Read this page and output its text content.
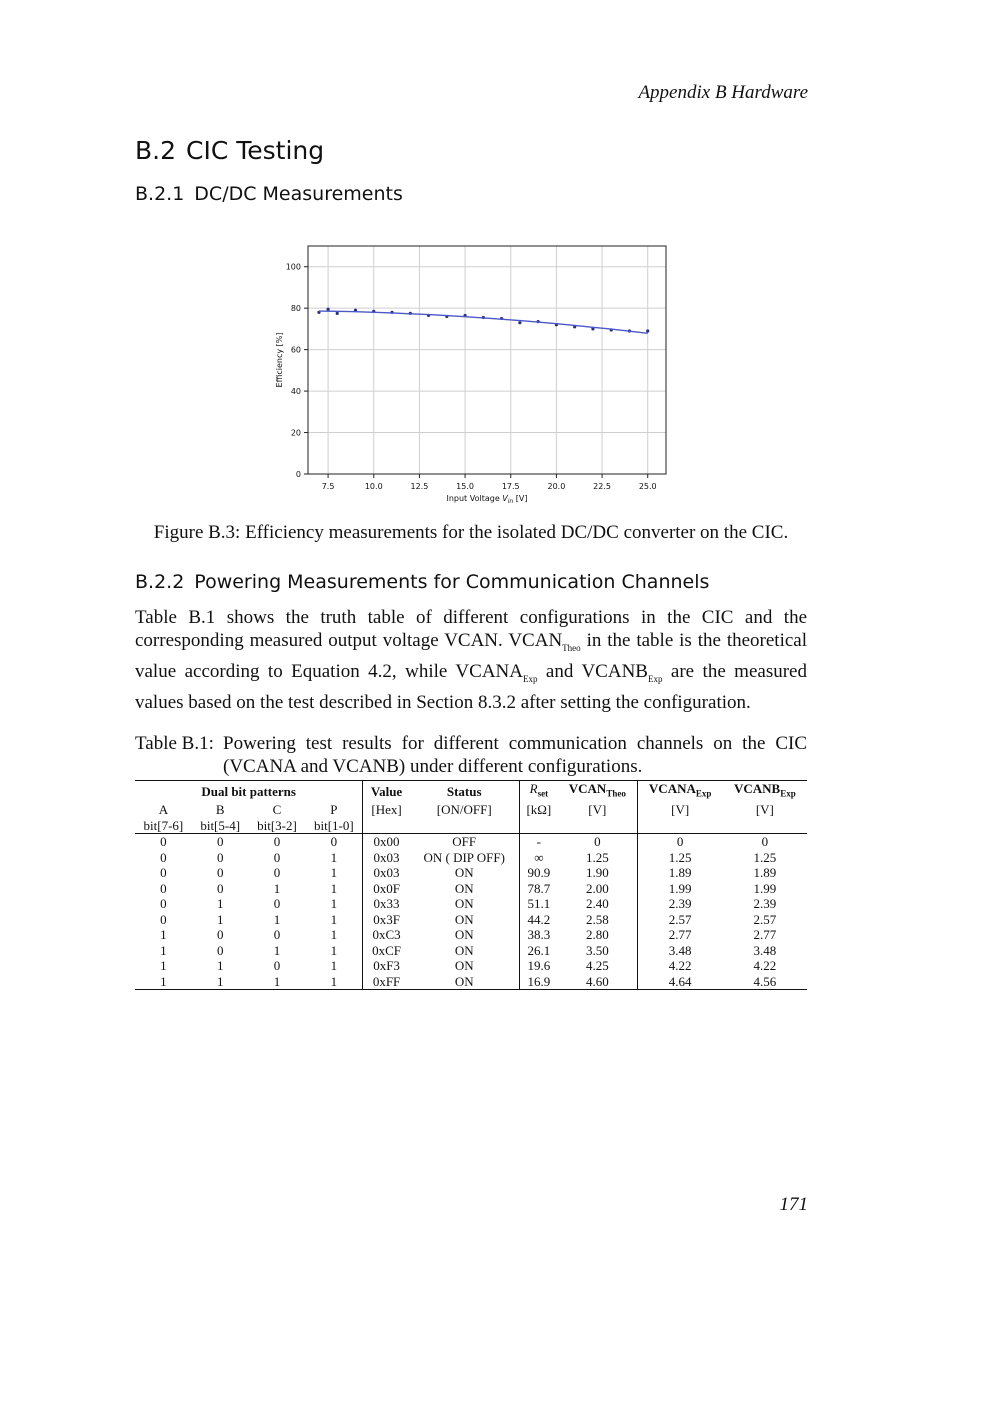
Appendix B Hardware
B.2 CIC Testing
B.2.1 DC/DC Measurements
7.5	10.0	12.5	15.0	17.5	20.0	22.5	25.0
0
20
40
60
80
100
Input Voltage $V_{in}$ [V]
Efficiency [%]
Figure B.3: Efficiency measurements for the isolated DC/DC converter on the CIC.
B.2.2 Powering Measurements for Communication Channels

Table B.1 shows the truth table of different configurations in the CIC and the corresponding measured output voltage VCAN. $VCAN_{Theo}$ in the table is the theoretical value according to Equation 4.2, while $VCANA_{Exp}$ and $VCANB_{Exp}$ are the measured values based on the test described in Section 8.3.2 after setting the configuration.

Table B.1: Powering test results for different communication channels on the CIC (VCANA and VCANB) under different configurations.
Dual bit patterns				Value	Status	$R_{set}$	$VCAN_{Theo}$	$VCANA_{Exp}$	$VCANB_{Exp}$
A	B	C	P	[Hex]	[ON/OFF]	[kΩ]	[V]	[V]	[V]
bit[7-6]	bit[5-4]	bit[3-2]	bit[1-0]						
0	0	0	0	0x00	OFF	-	0	0	0
0	0	0	1	0x03	ON ( DIP OFF)	∞	1.25	1.25	1.25
0	0	0	1	0x03	ON	90.9	1.90	1.89	1.89
0	0	1	1	0x0F	ON	78.7	2.00	1.99	1.99
0	1	0	1	0x33	ON	51.1	2.40	2.39	2.39
0	1	1	1	0x3F	ON	44.2	2.58	2.57	2.57
1	0	0	1	0xC3	ON	38.3	2.80	2.77	2.77
1	0	1	1	0xCF	ON	26.1	3.50	3.48	3.48
1	1	0	1	0xF3	ON	19.6	4.25	4.22	4.22
1	1	1	1	0xFF	ON	16.9	4.60	4.64	4.56
171
